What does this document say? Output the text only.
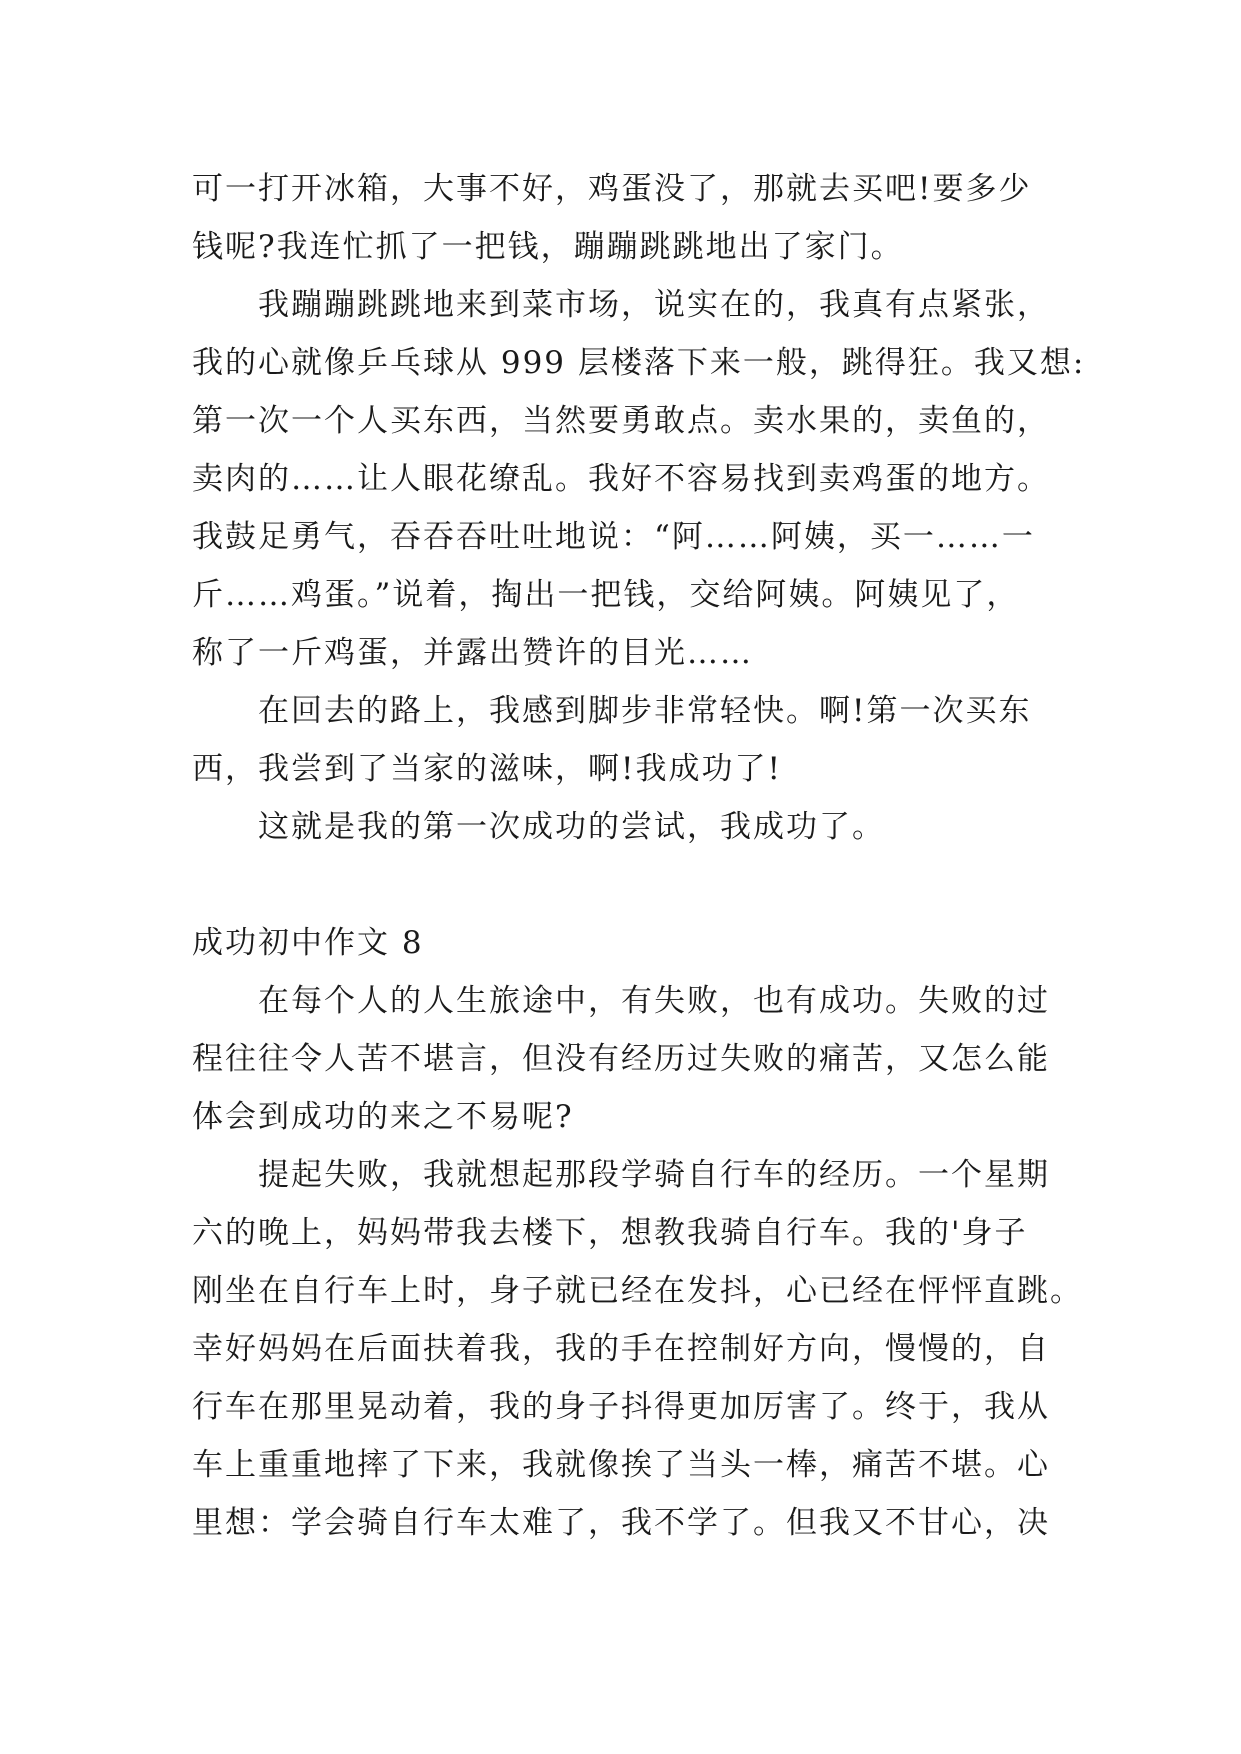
可一打开冰箱，大事不好，鸡蛋没了，那就去买吧!要多少
钱呢?我连忙抓了一把钱，蹦蹦跳跳地出了家门。
我蹦蹦跳跳地来到菜市场，说实在的，我真有点紧张，
我的心就像乒乓球从 999 层楼落下来一般，跳得狂。我又想:
第一次一个人买东西，当然要勇敢点。卖水果的，卖鱼的，
卖肉的……让人眼花缭乱。我好不容易找到卖鸡蛋的地方。
我鼓足勇气，吞吞吞吐吐地说：“阿……阿姨，买一……一
斤……鸡蛋。”说着，掏出一把钱，交给阿姨。阿姨见了，
称了一斤鸡蛋，并露出赞许的目光……
在回去的路上，我感到脚步非常轻快。啊!第一次买东
西，我尝到了当家的滋味，啊!我成功了!
这就是我的第一次成功的尝试，我成功了。
成功初中作文 8
在每个人的人生旅途中，有失败，也有成功。失败的过
程往往令人苦不堪言，但没有经历过失败的痛苦，又怎么能
体会到成功的来之不易呢?
提起失败，我就想起那段学骑自行车的经历。一个星期
六的晚上，妈妈带我去楼下，想教我骑自行车。我的'身子
刚坐在自行车上时，身子就已经在发抖，心已经在怦怦直跳。
幸好妈妈在后面扶着我，我的手在控制好方向，慢慢的，自
行车在那里晃动着，我的身子抖得更加厉害了。终于，我从
车上重重地摔了下来，我就像挨了当头一棒，痛苦不堪。心
里想：学会骑自行车太难了，我不学了。但我又不甘心，决
